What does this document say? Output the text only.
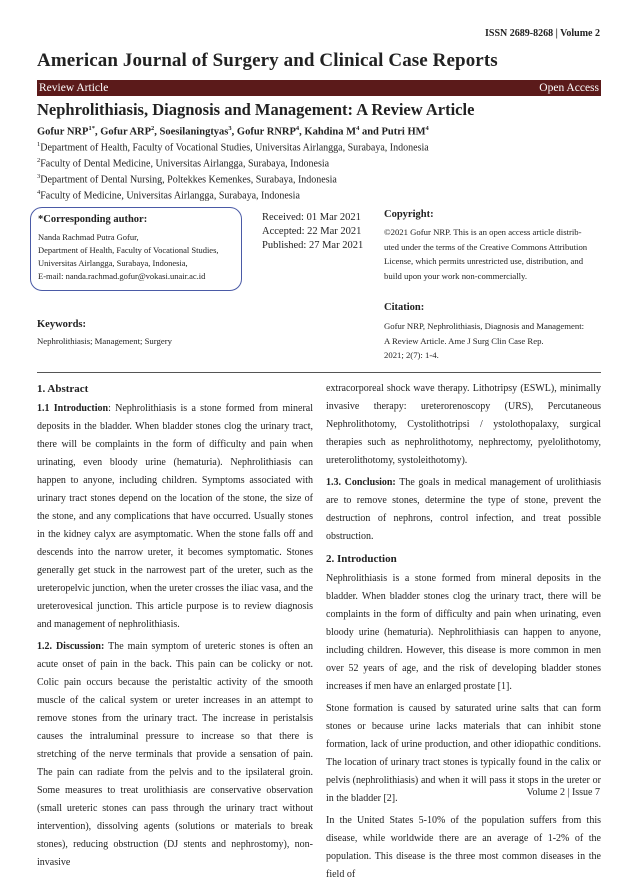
ISSN 2689-8268 | Volume 2
American Journal of Surgery and Clinical Case Reports
Review Article	Open Access
Nephrolithiasis, Diagnosis and Management: A Review Article
Gofur $NRP^{1*}$, Gofur ARP$^2$, Soesilaningtyas$^3$, Gofur RNRP$^4$, Kahdina $M^4$ and Putri $HM^4$
$^1$Department of Health, Faculty of Vocational Studies, Universitas Airlangga, Surabaya, Indonesia
$^2$Faculty of Dental Medicine, Universitas Airlangga, Surabaya, Indonesia
$^3$Department of Dental Nursing, Poltekkes Kemenkes, Surabaya, Indonesia
$^4$Faculty of Medicine, Universitas Airlangga, Surabaya, Indonesia
*Corresponding author:
Nanda Rachmad Putra Gofur,
Department of Health, Faculty of Vocational Studies,
Universitas Airlangga, Surabaya, Indonesia,
E-mail: nanda.rachmad.gofur@vokasi.unair.ac.id
Received: 01 Mar 2021
Accepted: 22 Mar 2021
Published: 27 Mar 2021
Copyright:
©2021 Gofur NRP. This is an open access article distrib-
uted under the terms of the Creative Commons Attribution
License, which permits unrestricted use, distribution, and
build upon your work non-commercially.
Citation:
Gofur NRP, Nephrolithiasis, Diagnosis and Management:
A Review Article. Ame J Surg Clin Case Rep.
2021; 2(7): 1-4.
Keywords:
Nephrolithiasis; Management; Surgery
1. Abstract

1.1 Introduction: Nephrolithiasis is a stone formed from mineral deposits in the bladder. When bladder stones clog the urinary tract, there will be complaints in the form of difficulty and pain when urinating, even bloody urine (hematuria). Nephrolithiasis can happen to anyone, including children. Symptoms associated with urinary tract stones depend on the location of the stone, the size of the stone, and any complications that have occurred. Usually stones in the kidney calyx are asymptomatic. When the stone falls off and descends into the narrow ureter, it becomes symptomatic. Stones generally get stuck in the narrowest part of the ureter, such as the ureteropelvic junction, when the ureter crosses the iliac vasa, and the ureterovesical junction. This article purpose is to review diagnosis and management of nephrolithiasis.

1.2. Discussion: The main symptom of ureteric stones is often an acute onset of pain in the back. This pain can be colicky or not. Colic pain occurs because the peristaltic activity of the smooth muscle of the calical system or ureter increases in an attempt to remove stones from the urinary tract. The increase in peristalsis causes the intraluminal pressure to increase so that there is stretching of the nerve terminals that provide a sensation of pain. The pain can radiate from the pelvis and to the ipsilateral groin. Some measures to treat urolithiasis are conservative observation (small ureteric stones can pass through the urinary tract without intervention), dissolving agents (solutions or materials to break stones), reducing obstruction (DJ stents and nephrostomy), non-invasive

extracorporeal shock wave therapy. Lithotripsy (ESWL), minimally invasive therapy: ureterorenoscopy (URS), Percutaneous Nephrolithotomy, Cystolithotripsi / ystolothopalaxy, surgical therapies such as nephrolithotomy, nephrectomy, pyelolithotomy, ureterolithotomy, systoleithotomy).

1.3. Conclusion: The goals in medical management of urolithiasis are to remove stones, determine the type of stone, prevent the destruction of nephrons, control infection, and treat possible obstruction.

2. Introduction

Nephrolithiasis is a stone formed from mineral deposits in the bladder. When bladder stones clog the urinary tract, there will be complaints in the form of difficulty and pain when urinating, even bloody urine (hematuria). Nephrolithiasis can happen to anyone, including children. However, this disease is more common in men over 52 years of age, and the risk of developing bladder stones increases if men have an enlarged prostate [1].

Stone formation is caused by saturated urine salts that can form stones or because urine lacks materials that can inhibit stone formation, lack of urine production, and other idiopathic conditions. The location of urinary tract stones is typically found in the calix or pelvis (nephrolithiasis) and when it will pass it stops in the ureter or in the bladder [2].

In the United States 5-10% of the population suffers from this disease, while worldwide there are an average of 1-2% of the population. This disease is the three most common diseases in the field of

Volume 2 | Issue 7
